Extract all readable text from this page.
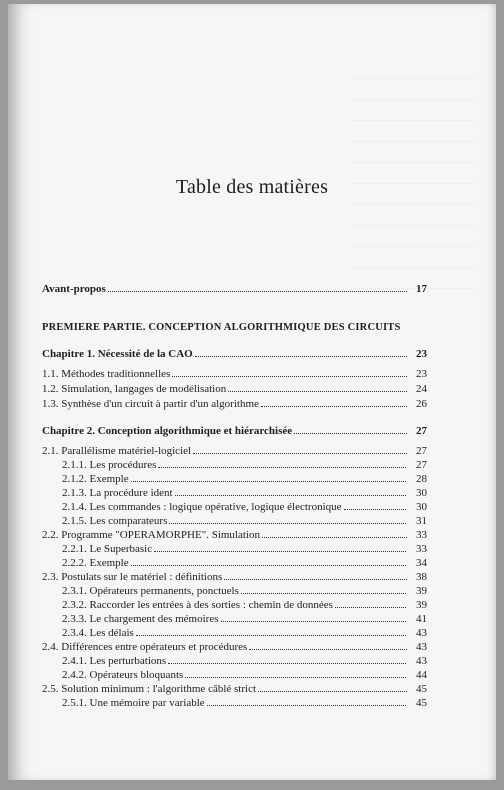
Table des matières
Avant-propos	17
PREMIERE PARTIE. CONCEPTION ALGORITHMIQUE DES CIRCUITS
Chapitre 1. Nécessité de la CAO	23
1.1. Méthodes traditionnelles	23
1.2. Simulation, langages de modélisation	24
1.3. Synthèse d'un circuit à partir d'un algorithme	26
Chapitre 2. Conception algorithmique et hiérarchisée	27
2.1. Parallélisme matériel-logiciel	27
2.1.1. Les procédures	27
2.1.2. Exemple	28
2.1.3. La procédure ident	30
2.1.4. Les commandes : logique opérative, logique électronique	30
2.1.5. Les comparateurs	31
2.2. Programme "OPERAMORPHE". Simulation	33
2.2.1. Le Superbasic	33
2.2.2. Exemple	34
2.3. Postulats sur le matériel : définitions	38
2.3.1. Opérateurs permanents, ponctuels	39
2.3.2. Raccorder les entrées à des sorties : chemin de données	39
2.3.3. Le chargement des mémoires	41
2.3.4. Les délais	43
2.4. Différences entre opérateurs et procédures	43
2.4.1. Les perturbations	43
2.4.2. Opérateurs bloquants	44
2.5. Solution minimum : l'algorithme câblé strict	45
2.5.1. Une mémoire par variable	45
